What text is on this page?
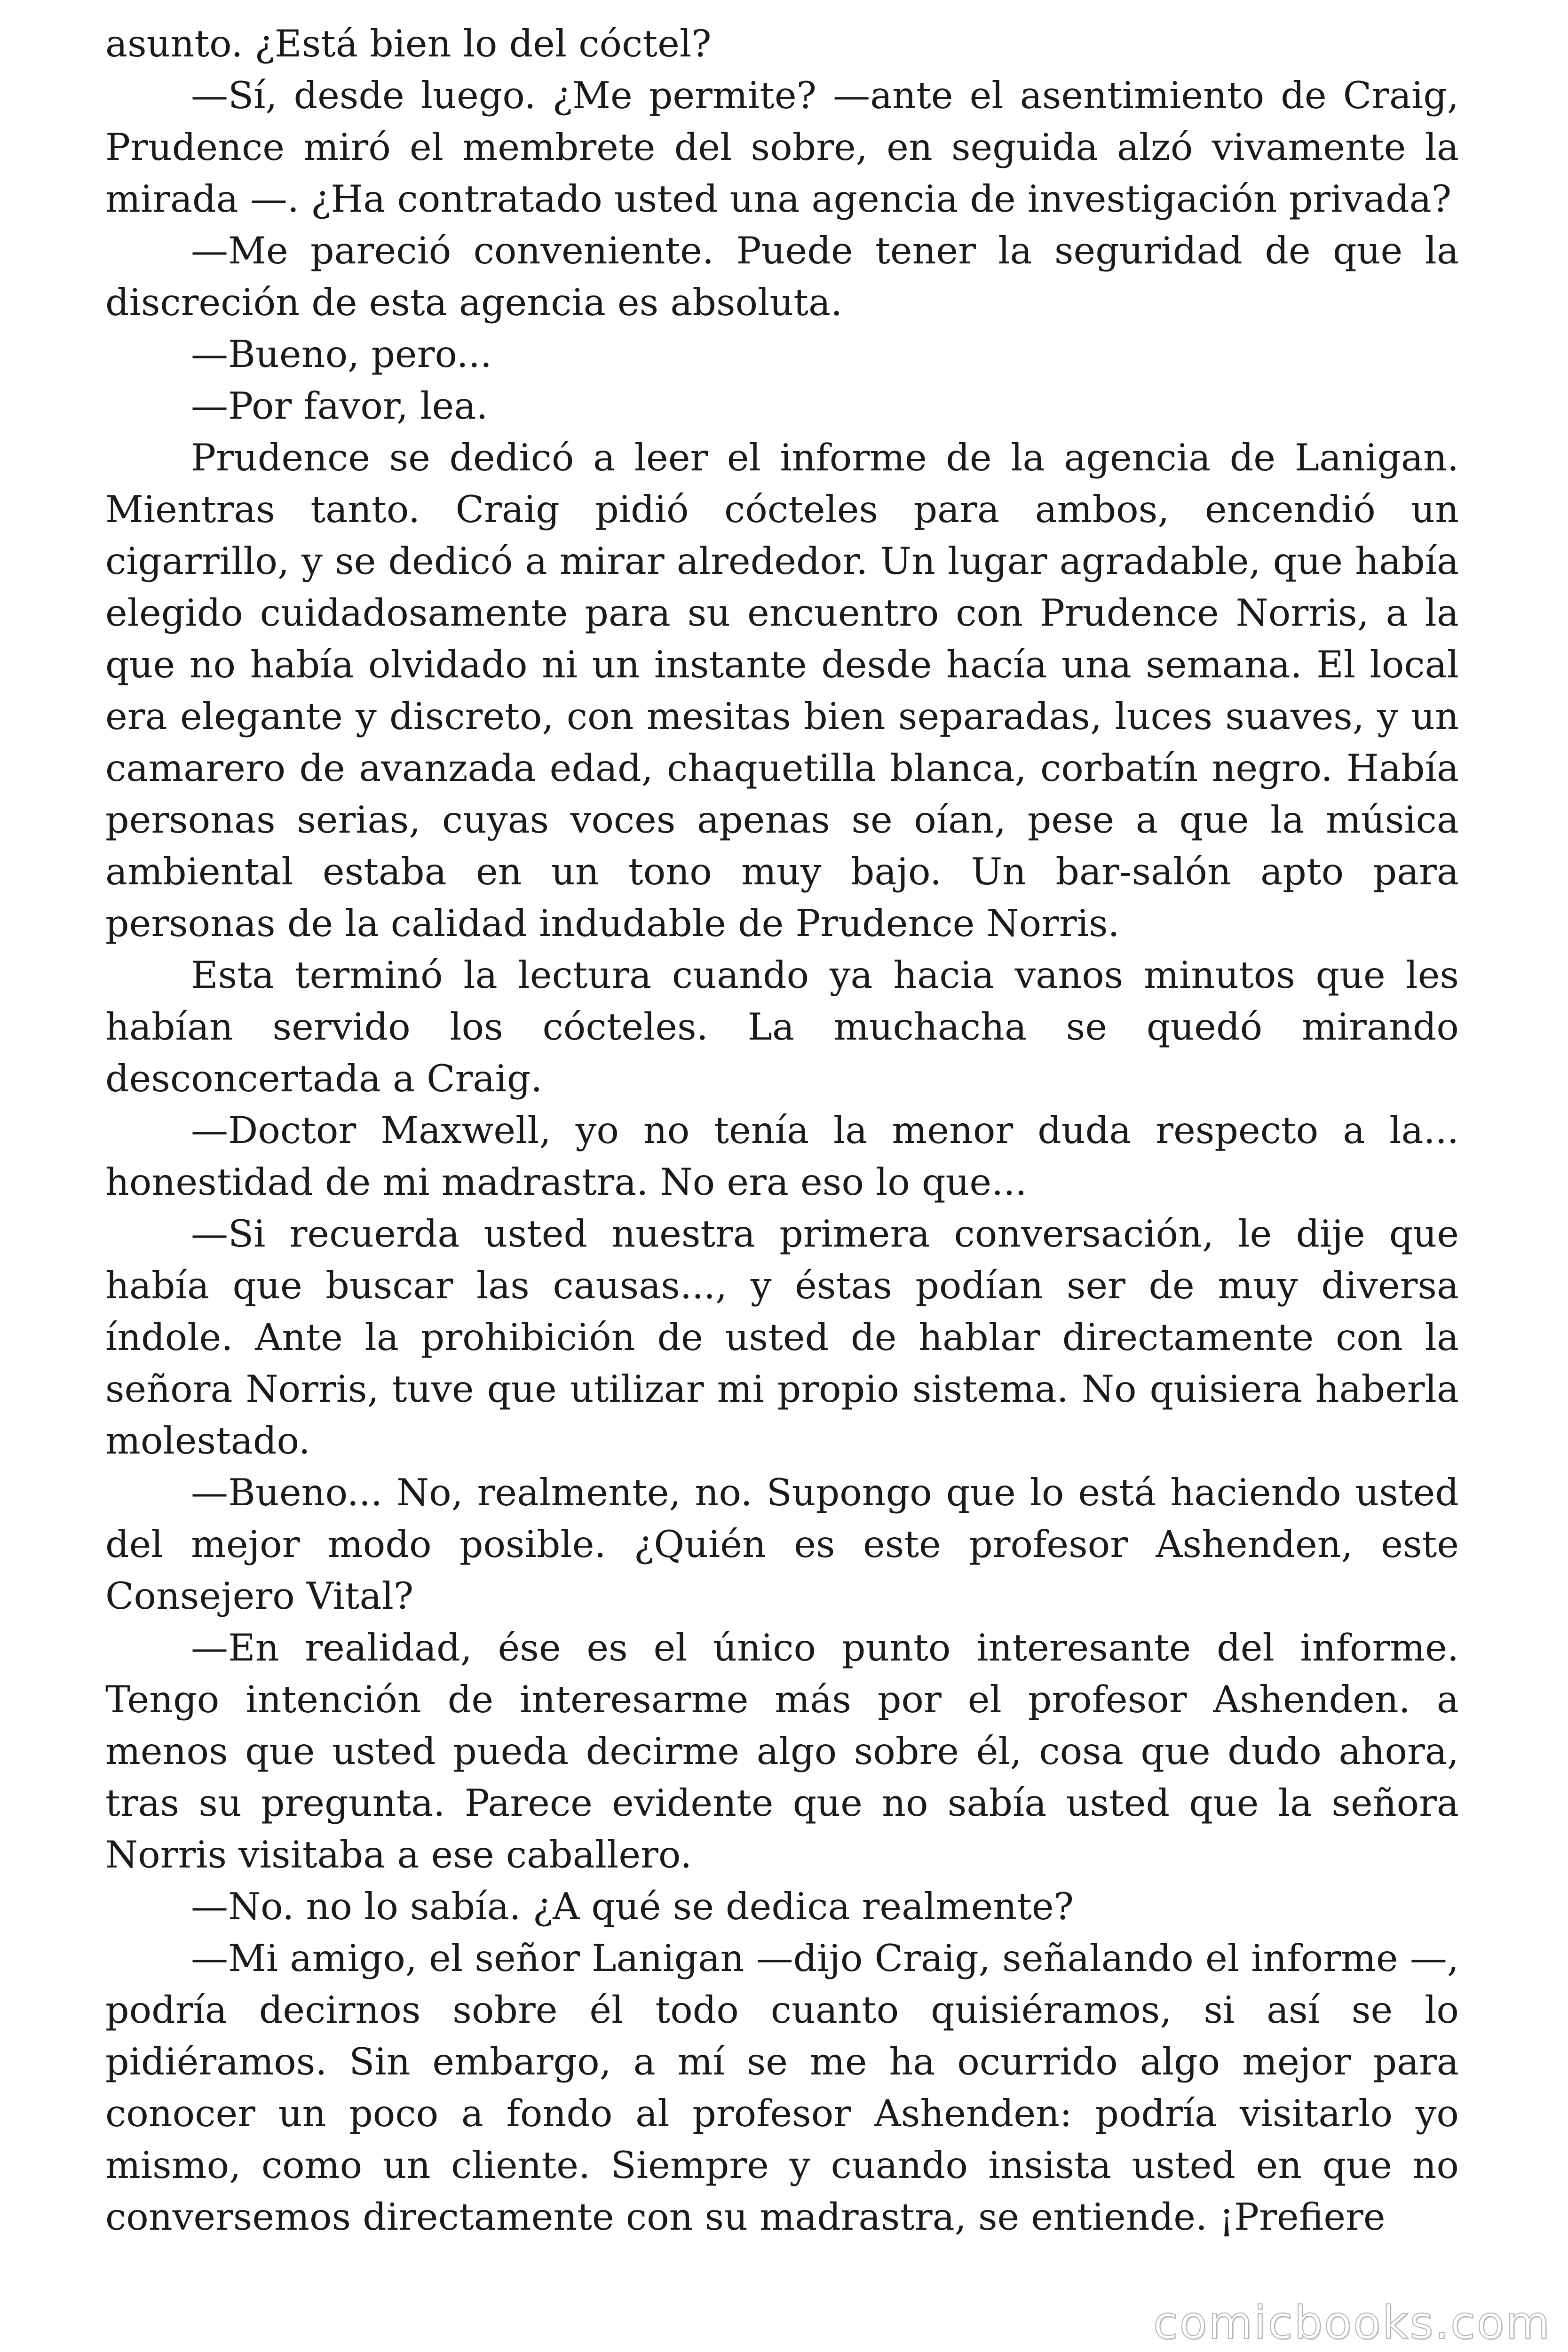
asunto. ¿Está bien lo del cóctel?

—Sí, desde luego. ¿Me permite? —ante el asentimiento de Craig, Prudence miró el membrete del sobre, en seguida alzó vivamente la mirada —. ¿Ha contratado usted una agencia de investigación privada?

—Me pareció conveniente. Puede tener la seguridad de que la discreción de esta agencia es absoluta.

—Bueno, pero...

—Por favor, lea.

Prudence se dedicó a leer el informe de la agencia de Lanigan. Mientras tanto. Craig pidió cócteles para ambos, encendió un cigarrillo, y se dedicó a mirar alrededor. Un lugar agradable, que había elegido cuidadosamente para su encuentro con Prudence Norris, a la que no había olvidado ni un instante desde hacía una semana. El local era elegante y discreto, con mesitas bien separadas, luces suaves, y un camarero de avanzada edad, chaquetilla blanca, corbatín negro. Había personas serias, cuyas voces apenas se oían, pese a que la música ambiental estaba en un tono muy bajo. Un bar-salón apto para personas de la calidad indudable de Prudence Norris.

Esta terminó la lectura cuando ya hacia vanos minutos que les habían servido los cócteles. La muchacha se quedó mirando desconcertada a Craig.

—Doctor Maxwell, yo no tenía la menor duda respecto a la... honestidad de mi madrastra. No era eso lo que...

—Si recuerda usted nuestra primera conversación, le dije que había que buscar las causas..., y éstas podían ser de muy diversa índole. Ante la prohibición de usted de hablar directamente con la señora Norris, tuve que utilizar mi propio sistema. No quisiera haberla molestado.

—Bueno... No, realmente, no. Supongo que lo está haciendo usted del mejor modo posible. ¿Quién es este profesor Ashenden, este Consejero Vital?

—En realidad, ése es el único punto interesante del informe. Tengo intención de interesarme más por el profesor Ashenden. a menos que usted pueda decirme algo sobre él, cosa que dudo ahora, tras su pregunta. Parece evidente que no sabía usted que la señora Norris visitaba a ese caballero.

—No. no lo sabía. ¿A qué se dedica realmente?

—Mi amigo, el señor Lanigan —dijo Craig, señalando el informe —, podría decirnos sobre él todo cuanto quisiéramos, si así se lo pidiéramos. Sin embargo, a mí se me ha ocurrido algo mejor para conocer un poco a fondo al profesor Ashenden: podría visitarlo yo mismo, como un cliente. Siempre y cuando insista usted en que no conversemos directamente con su madrastra, se entiende. ¡Prefiere

comicbooks.com
